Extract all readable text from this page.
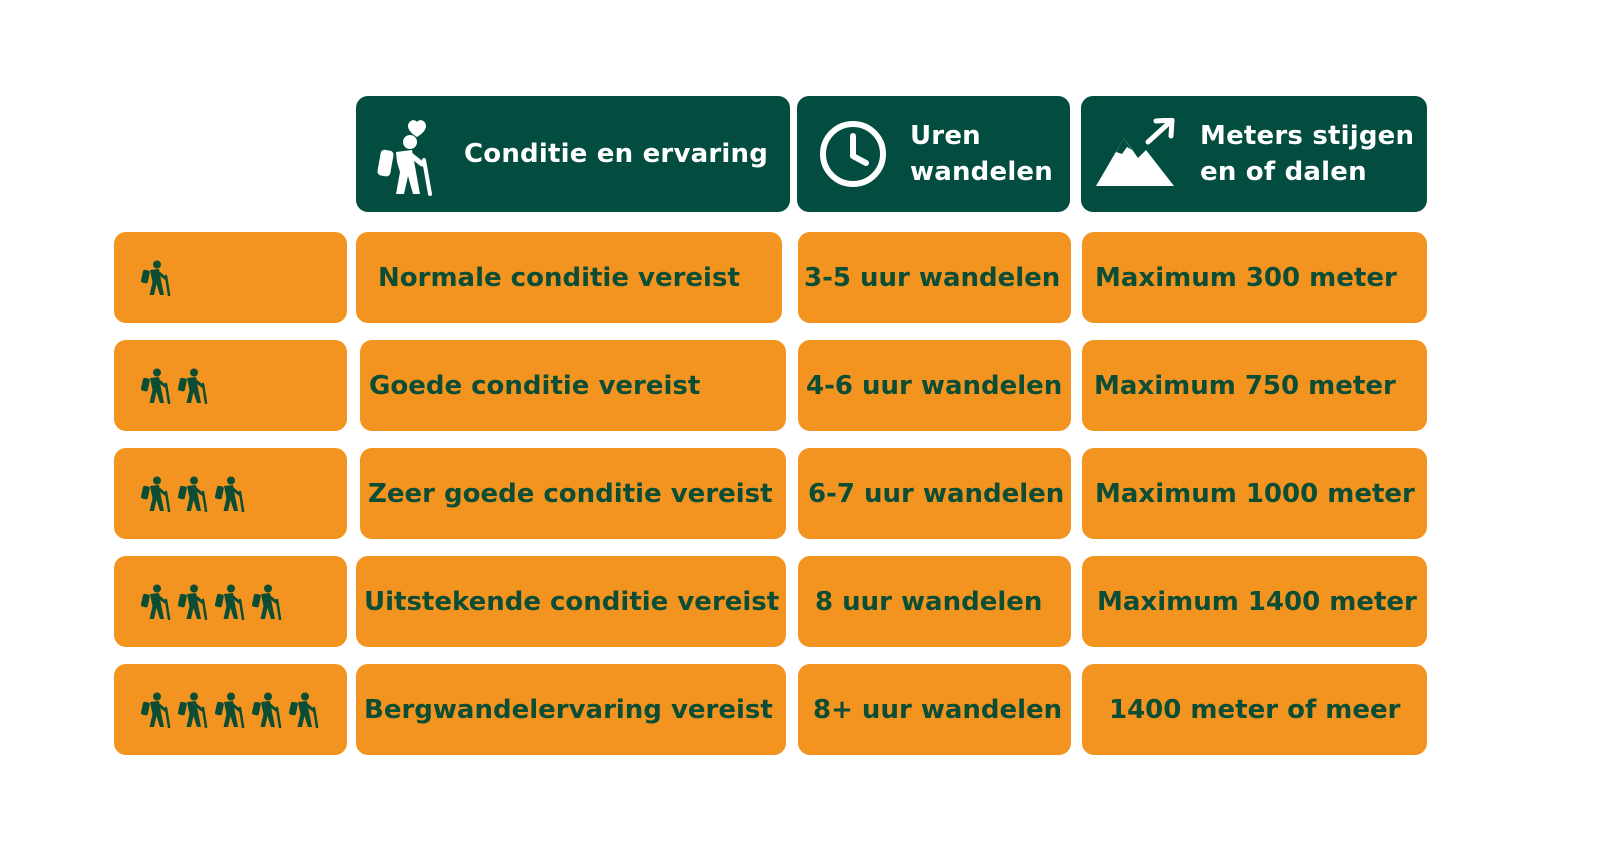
Conditie en ervaring
Uren
wandelen
Meters stijgen
en of dalen
Normale conditie vereist 3-5 uur wandelen Maximum 300 meter
Goede conditie vereist	4-6 uur wandelen Maximum 750 meter
Zeer goede conditie vereist 6-7 uur wandelen Maximum 1000 meter
Uitstekende conditie vereist 8 uur wandelen Maximum 1400 meter
Bergwandelervaring vereist 8+ uur wandelen 1400 meter of meer
